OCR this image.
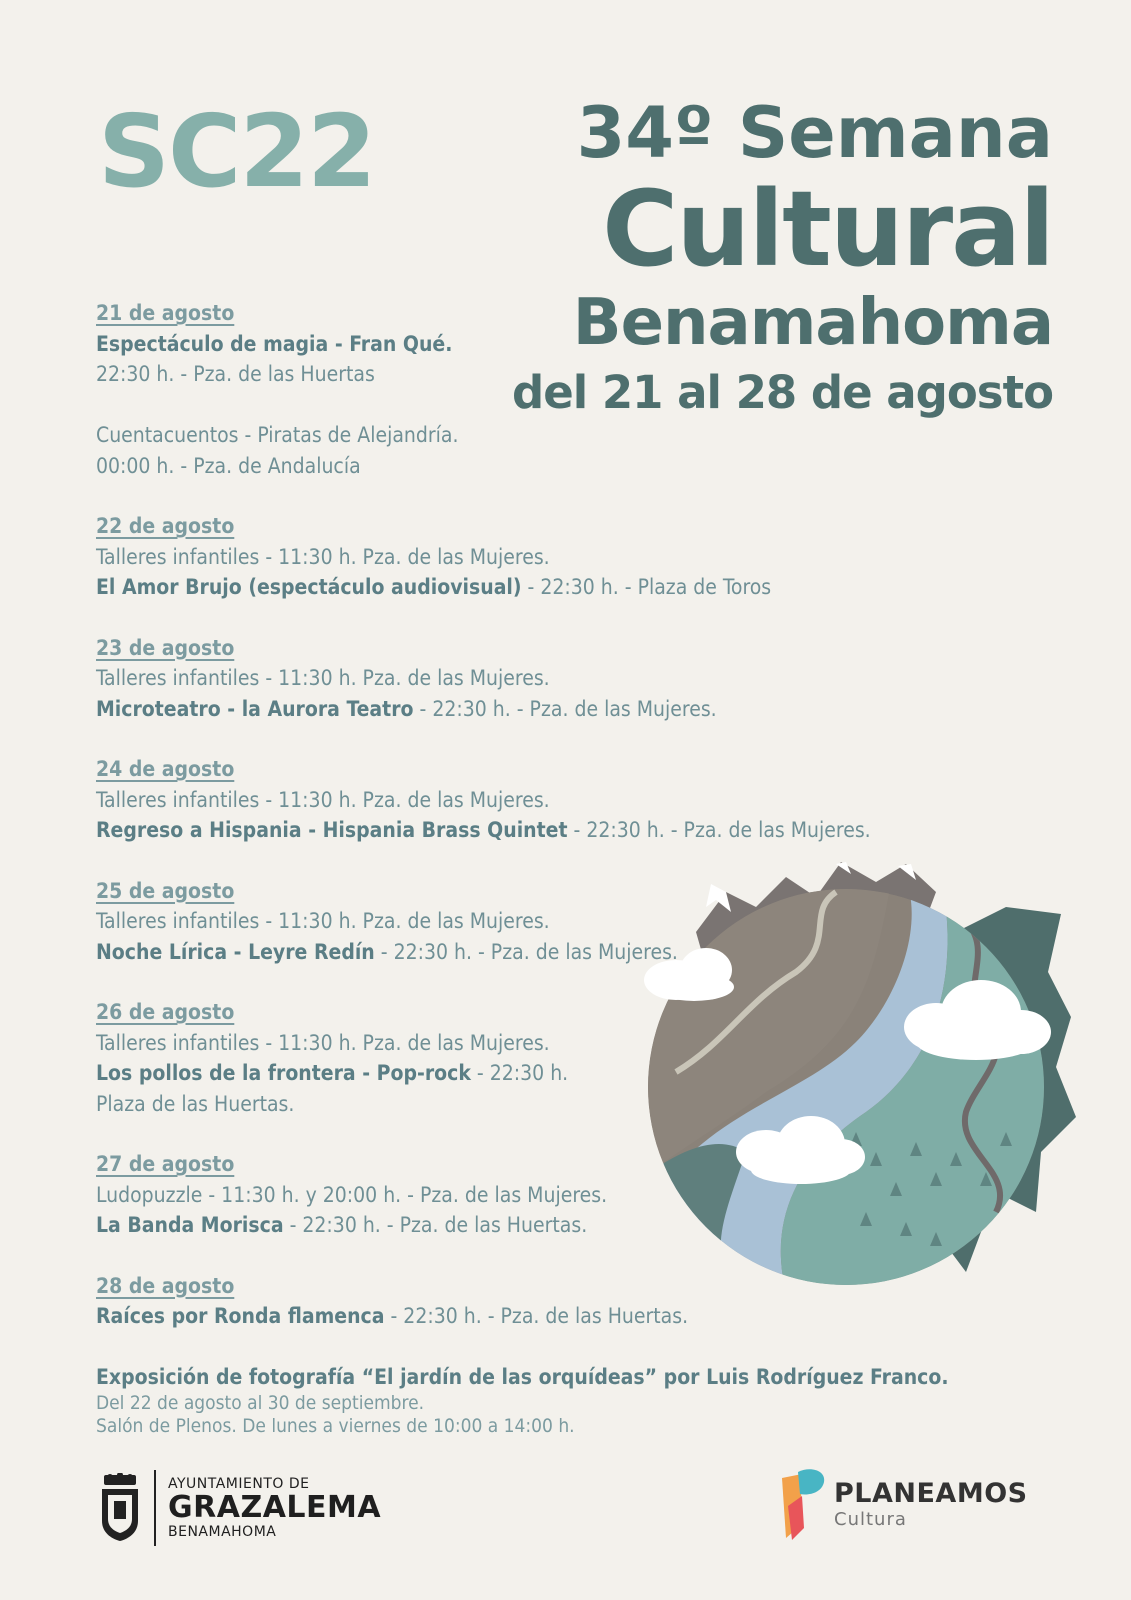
SC22	34º Semana
Cultural
Benamahoma
del 21 al 28 de agosto
21 de agosto
Espectáculo de magia - Fran Qué.
22:30 h. - Pza. de las Huertas

Cuentacuentos - Piratas de Alejandría.
00:00 h. - Pza. de Andalucía
22 de agosto
Talleres infantiles - 11:30 h. Pza. de las Mujeres.
El Amor Brujo (espectáculo audiovisual) - 22:30 h. - Plaza de Toros
23 de agosto
Talleres infantiles - 11:30 h. Pza. de las Mujeres.
Microteatro - la Aurora Teatro - 22:30 h. - Pza. de las Mujeres.
24 de agosto
Talleres infantiles - 11:30 h. Pza. de las Mujeres.
Regreso a Hispania - Hispania Brass Quintet - 22:30 h. - Pza. de las Mujeres.
25 de agosto
Talleres infantiles - 11:30 h. Pza. de las Mujeres.
Noche Lírica - Leyre Redín - 22:30 h. - Pza. de las Mujeres.
26 de agosto
Talleres infantiles - 11:30 h. Pza. de las Mujeres.
Los pollos de la frontera - Pop-rock - 22:30 h.
Plaza de las Huertas.
27 de agosto
Ludopuzzle - 11:30 h. y 20:00 h. - Pza. de las Mujeres.
La Banda Morisca - 22:30 h. - Pza. de las Huertas.
28 de agosto
Raíces por Ronda flamenca - 22:30 h. - Pza. de las Huertas.
Exposición de fotografía “El jardín de las orquídeas” por Luis Rodríguez Franco.
Del 22 de agosto al 30 de septiembre.
Salón de Plenos. De lunes a viernes de 10:00 a 14:00 h.
AYUNTAMIENTO DE
GRAZALEMA
BENAMAHOMA
PLANEAMOS
Cultura
